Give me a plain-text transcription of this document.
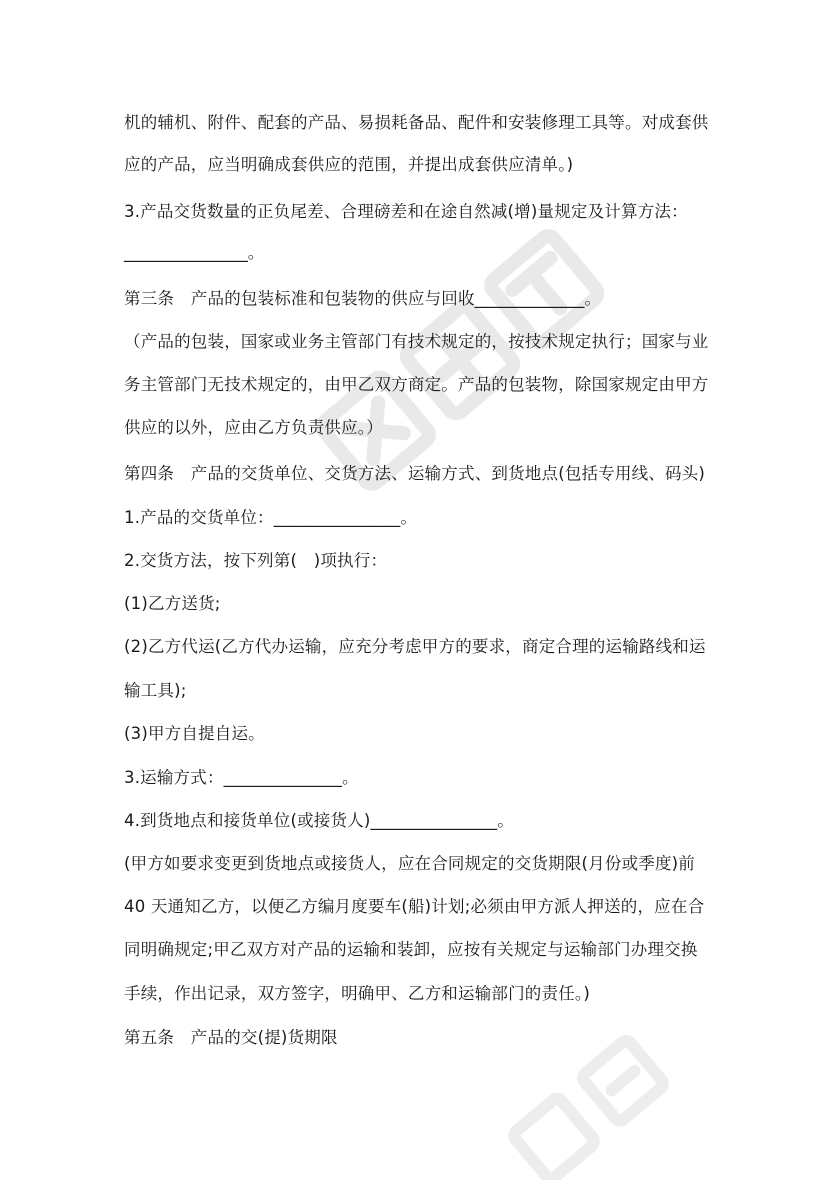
机的辅机、附件、配套的产品、易损耗备品、配件和安装修理工具等。对成套供
应的产品，应当明确成套供应的范围，并提出成套供应清单。)
3.产品交货数量的正负尾差、合理磅差和在途自然减(增)量规定及计算方法：
_______________。
第三条　产品的包装标准和包装物的供应与回收_____________。
（产品的包装，国家或业务主管部门有技术规定的，按技术规定执行；国家与业
务主管部门无技术规定的，由甲乙双方商定。产品的包装物，除国家规定由甲方
供应的以外，应由乙方负责供应。）
第四条　产品的交货单位、交货方法、运输方式、到货地点(包括专用线、码头)
1.产品的交货单位：_______________。
2.交货方法，按下列第(　)项执行：
(1)乙方送货;
(2)乙方代运(乙方代办运输，应充分考虑甲方的要求，商定合理的运输路线和运
输工具);
(3)甲方自提自运。
3.运输方式：______________。
4.到货地点和接货单位(或接货人)_______________。
(甲方如要求变更到货地点或接货人，应在合同规定的交货期限(月份或季度)前
40 天通知乙方，以便乙方编月度要车(船)计划;必须由甲方派人押送的，应在合
同明确规定;甲乙双方对产品的运输和装卸，应按有关规定与运输部门办理交换
手续，作出记录，双方签字，明确甲、乙方和运输部门的责任。)
第五条　产品的交(提)货期限
